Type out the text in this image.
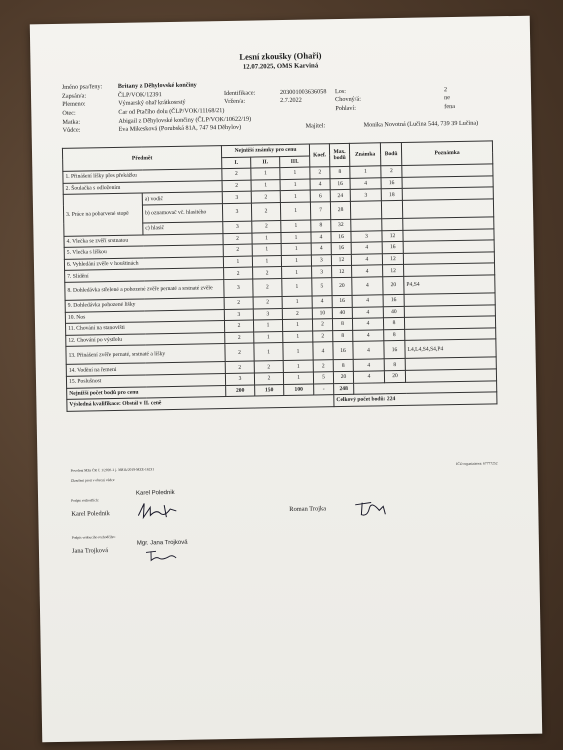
Lesní zkoušky (Ohaři)
12.07.2025, OMS Karviná
Jméno psa/feny: Britany z Děhylovské končiny
Zapsán/a:	ČLP/VOK/12391	Identifikace:	203001003636058 Los:	2
Plemeno:	Výmarský ohař krátkosrstý	Vržen/a:	2.7.2022	Chovný/á:	ne
Otec:	Car od Ptačího dolu (ČLP/VOK/11168/21)	Pohlaví:	fena
Matka:	Abigail z Děhylovské končiny (ČLP/VOK/10622/19)
Vůdce:	Eva Mikesková (Porubská 81A, 747 94 Děhylov)	Majitel:	Monika Novotná (Lučina 544, 739 39 Lučina)
Předmět		Nejnižší známky pro cenu			Koef.	Max. bodů	Známka	Bodů	Poznámka
		I.	II.	III.					
1. Přinášení lišky přes překážku		2	1	1	2	8	1	2	
2. Šoulačka s odložením		2	1	1	4	16	4	16	
3. Práce na pobarvené stopě	a) vodič	3	2	1	6	24	3	18	
	b) oznamovač vč. hlasitého	3	2	1	7	28			
	c) hlasič	3	2	1	8	32			
4. Vlečka se zvěří srstnatou		2	1	1	4	16	3	12	
5. Vlečka s liškou		2	1	1	4	16	4	16	
6. Vyhledání zvěře v houštinách		1	1	1	3	12	4	12	
7. Slídění		2	2	1	3	12	4	12	
8. Dohledávka střelené a pohozené zvěře pernaté a srstnaté zvěře		3	2	1	5	20	4	20	P4,S4
9. Dohledávka pohozené lišky		2	2	1	4	16	4	16	
10. Nos		3	3	2	10	40	4	40	
11. Chování na stanovišti		2	1	1	2	8	4	8	
12. Chování po výstřelu		2	1	1	2	8	4	8	
13. Přinášení zvěře pernaté, srstnaté a lišky		2	1	1	4	16	4	16	L4,L4,S4,S4,P4
14. Vodění na řemeni		2	2	1	2	8	4	8	
15. Poslušnost		3	2	1	5	20	4	20	
Nejnižší počet bodů pro cenu		200	150	100	-	248			
Výsledná kvalifikace: Obstál v II. ceně						Celkový počet bodů: 224			
Povolení MZe ČR č. 1/2020-1 j. 3681k/2019-MZE-16231
IČO organizátora: 67777252
Zkoušení proti v obecní vůdce
Podpis rozhodčích:
Karel Polednik
Karel Polednik
Roman Trojka
Podpis vedoucího rozhodčího:
Mgr. Jana Trojková
Jana Trojková
